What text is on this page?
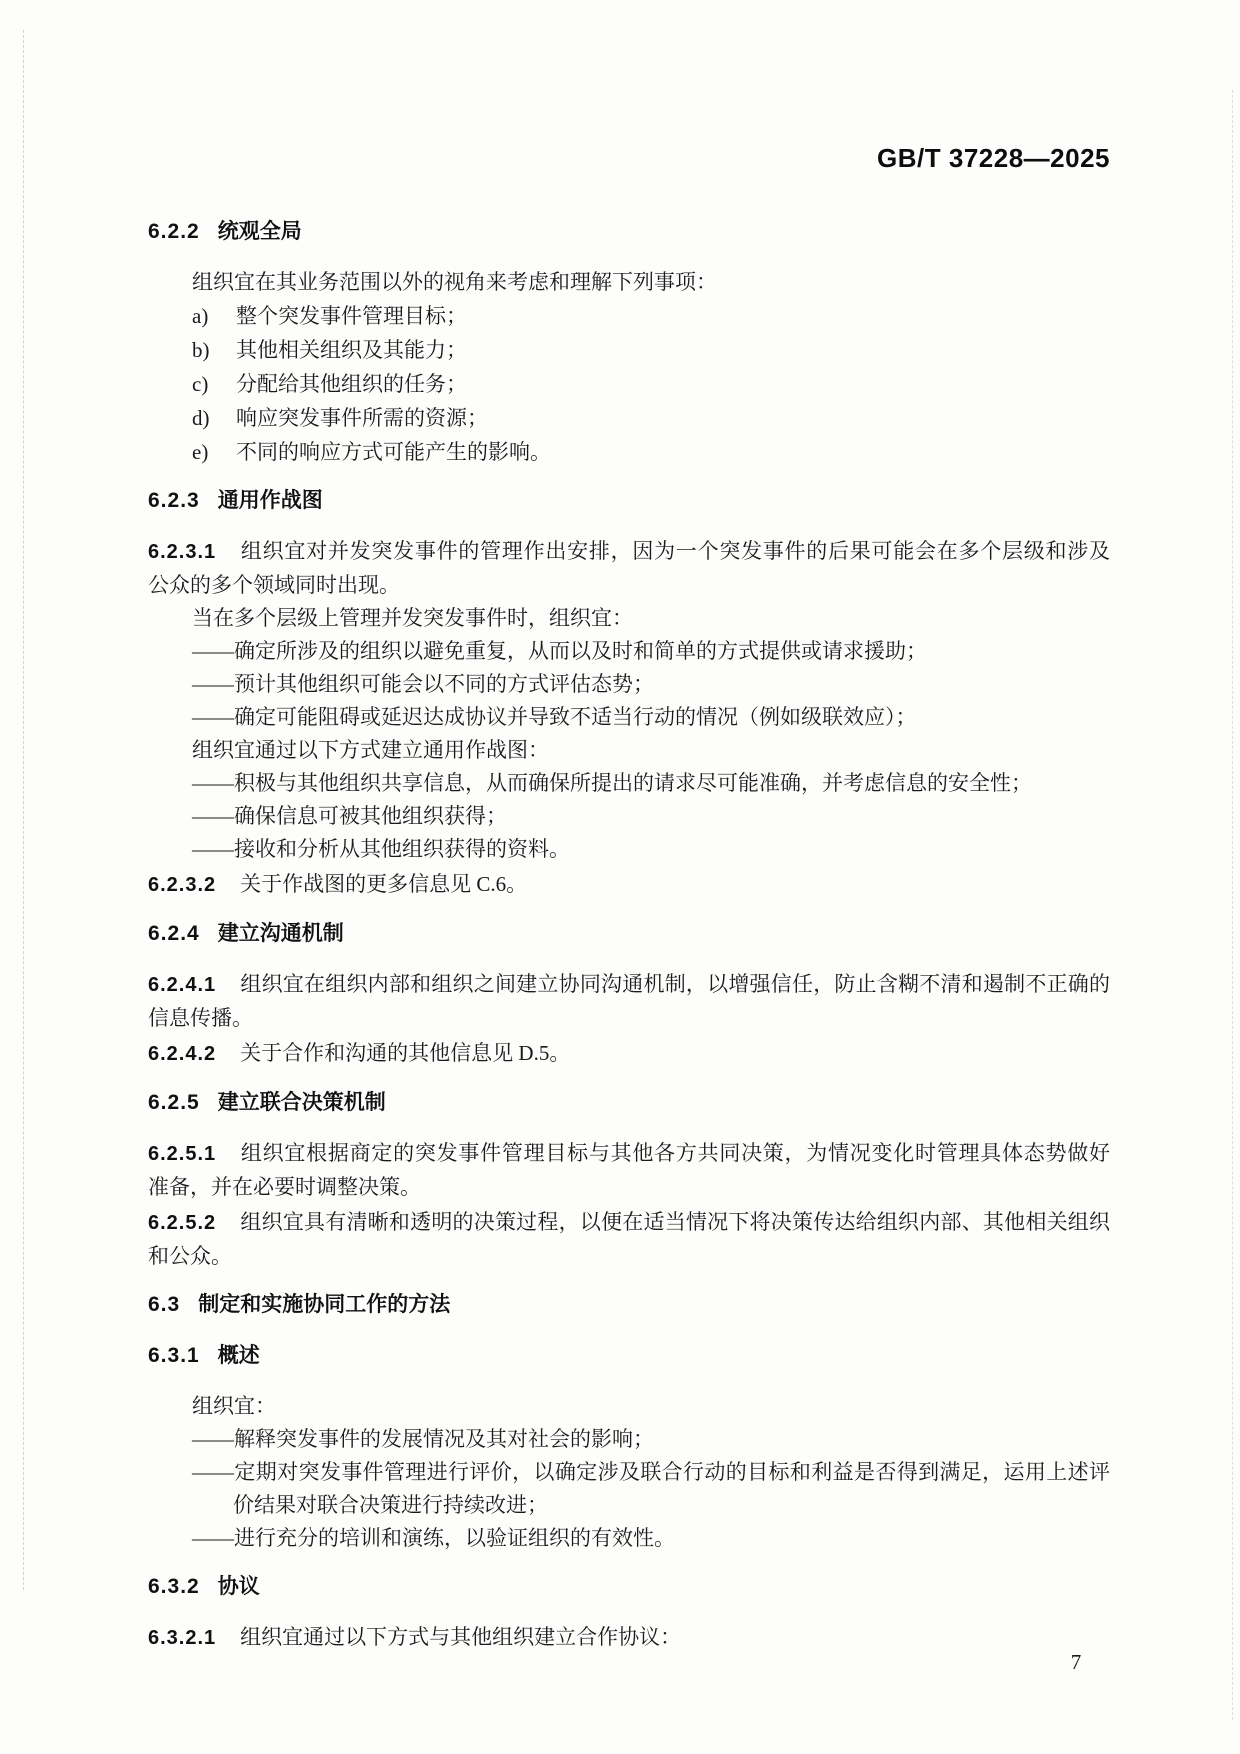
GB/T 37228—2025
6.2.2 统观全局
组织宜在其业务范围以外的视角来考虑和理解下列事项：
a) 整个突发事件管理目标；
b) 其他相关组织及其能力；
c) 分配给其他组织的任务；
d) 响应突发事件所需的资源；
e) 不同的响应方式可能产生的影响。
6.2.3 通用作战图
6.2.3.1 组织宜对并发突发事件的管理作出安排，因为一个突发事件的后果可能会在多个层级和涉及
公众的多个领域同时出现。
当在多个层级上管理并发突发事件时，组织宜：
——确定所涉及的组织以避免重复，从而以及时和简单的方式提供或请求援助；
——预计其他组织可能会以不同的方式评估态势；
——确定可能阻碍或延迟达成协议并导致不适当行动的情况（例如级联效应）；
组织宜通过以下方式建立通用作战图：
——积极与其他组织共享信息，从而确保所提出的请求尽可能准确，并考虑信息的安全性；
——确保信息可被其他组织获得；
——接收和分析从其他组织获得的资料。
6.2.3.2 关于作战图的更多信息见 C.6。
6.2.4 建立沟通机制
6.2.4.1 组织宜在组织内部和组织之间建立协同沟通机制，以增强信任，防止含糊不清和遏制不正确的
信息传播。
6.2.4.2 关于合作和沟通的其他信息见 D.5。
6.2.5 建立联合决策机制
6.2.5.1 组织宜根据商定的突发事件管理目标与其他各方共同决策，为情况变化时管理具体态势做好
准备，并在必要时调整决策。
6.2.5.2 组织宜具有清晰和透明的决策过程，以便在适当情况下将决策传达给组织内部、其他相关组织
和公众。
6.3 制定和实施协同工作的方法
6.3.1 概述
组织宜：
——解释突发事件的发展情况及其对社会的影响；
——定期对突发事件管理进行评价，以确定涉及联合行动的目标和利益是否得到满足，运用上述评
价结果对联合决策进行持续改进；
——进行充分的培训和演练，以验证组织的有效性。
6.3.2 协议
6.3.2.1 组织宜通过以下方式与其他组织建立合作协议：
7
